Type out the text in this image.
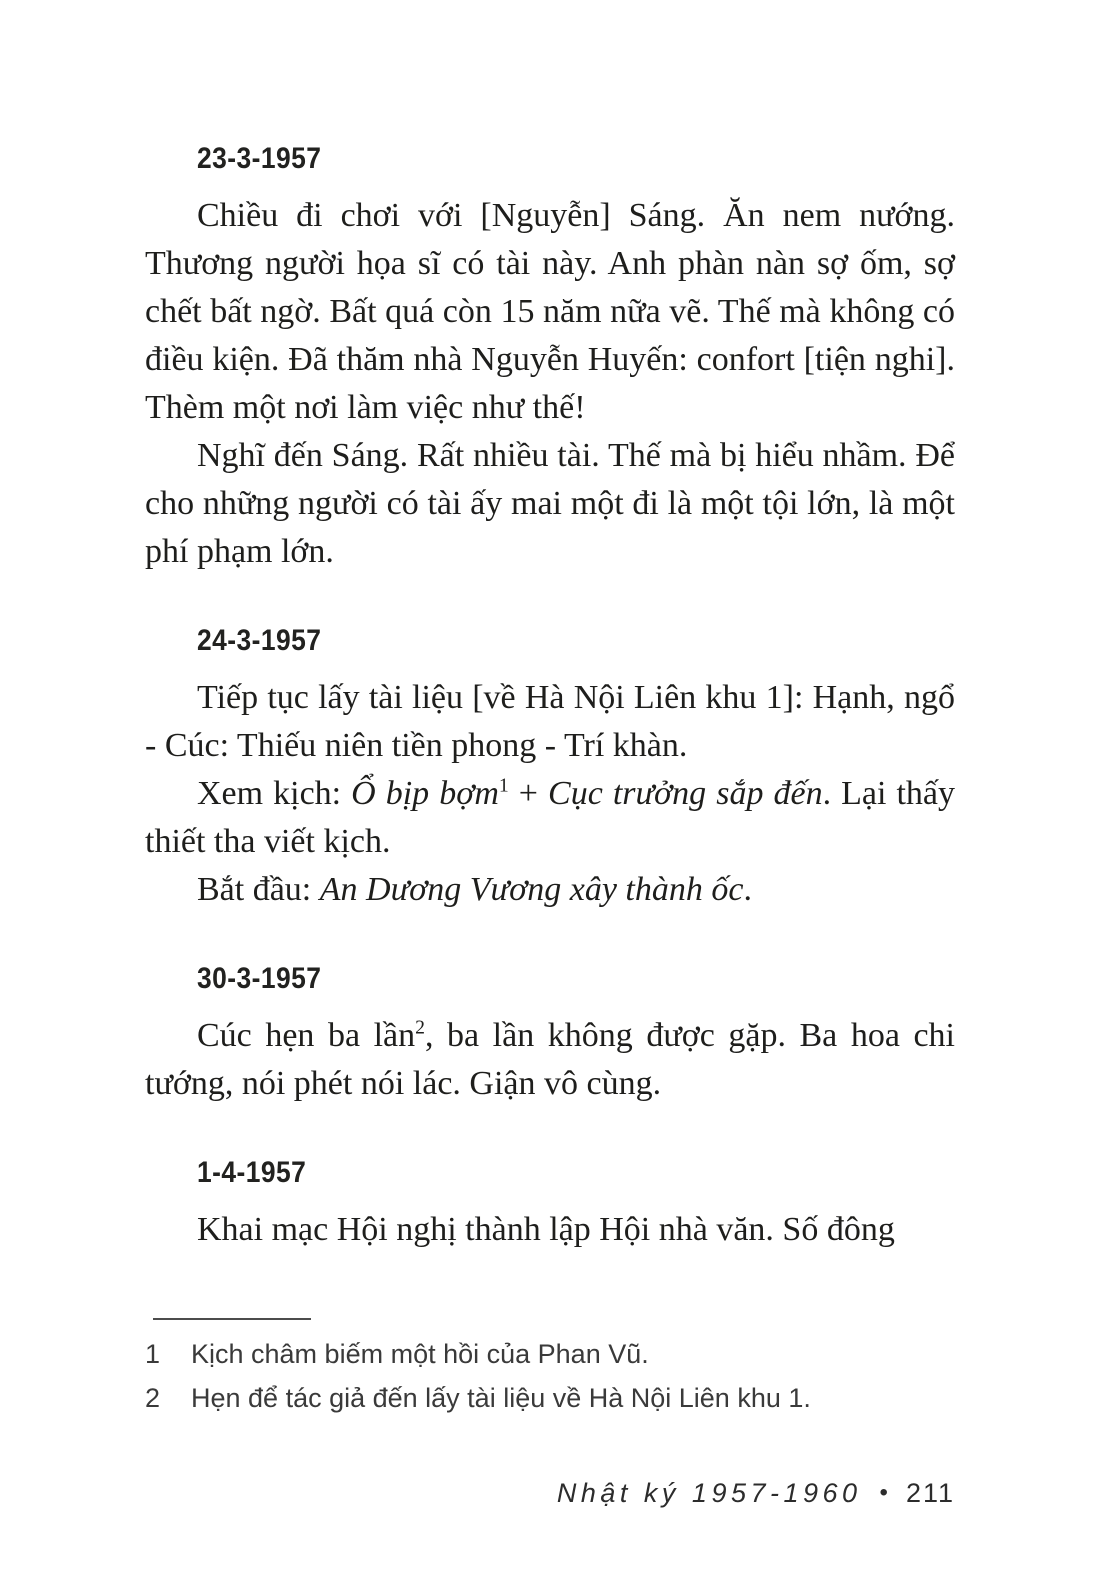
23-3-1957

Chiều đi chơi với [Nguyễn] Sáng. Ăn nem nướng. Thương người họa sĩ có tài này. Anh phàn nàn sợ ốm, sợ chết bất ngờ. Bất quá còn 15 năm nữa vẽ. Thế mà không có điều kiện. Đã thăm nhà Nguyễn Huyến: confort [tiện nghi]. Thèm một nơi làm việc như thế!

Nghĩ đến Sáng. Rất nhiều tài. Thế mà bị hiểu nhầm. Để cho những người có tài ấy mai một đi là một tội lớn, là một phí phạm lớn.

24-3-1957

Tiếp tục lấy tài liệu [về Hà Nội Liên khu 1]: Hạnh, ngổ - Cúc: Thiếu niên tiền phong - Trí khàn.

Xem kịch: Ổ bịp bợm$^1$ + Cục trưởng sắp đến. Lại thấy thiết tha viết kịch.

Bắt đầu: An Dương Vương xây thành ốc.

30-3-1957

Cúc hẹn ba lần$^2$, ba lần không được gặp. Ba hoa chi tướng, nói phét nói lác. Giận vô cùng.

1-4-1957

Khai mạc Hội nghị thành lập Hội nhà văn. Số đông

1	Kịch châm biếm một hồi của Phan Vũ.
2	Hẹn để tác giả đến lấy tài liệu về Hà Nội Liên khu 1.
Nhật ký 1957-1960 • 211
